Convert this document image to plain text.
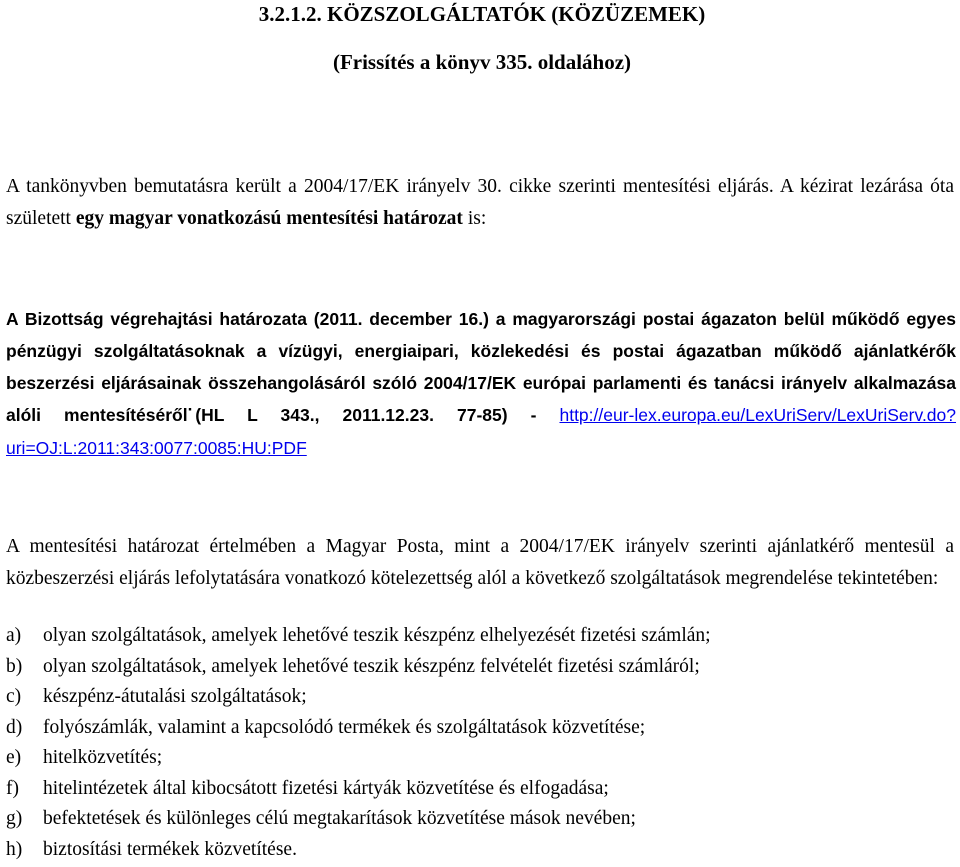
3.2.1.2. KÖZSZOLGÁLTATÓK (KÖZÜZEMEK)

(Frissítés a könyv 335. oldalához)

A tankönyvben bemutatásra került a 2004/17/EK irányelv 30. cikke szerinti mentesítési eljárás. A kézirat lezárása óta született egy magyar vonatkozású mentesítési határozat is:

A Bizottság végrehajtási határozata (2011. december 16.) a magyarországi postai ágazaton belül működő egyes pénzügyi szolgáltatásoknak a vízügyi, energiaipari, közlekedési és postai ágazatban működő ajánlatkérők beszerzési eljárásainak összehangolásáról szóló 2004/17/EK európai parlamenti és tanácsi irányelv alkalmazása alóli mentesítéséről· (HL L 343., 2011.12.23. 77-85) - http://eur-lex.europa.eu/LexUriServ/LexUriServ.do?uri=OJ:L:2011:343:0077:0085:HU:PDF

A mentesítési határozat értelmében a Magyar Posta, mint a 2004/17/EK irányelv szerinti ajánlatkérő mentesül a közbeszerzési eljárás lefolytatására vonatkozó kötelezettség alól a következő szolgáltatások megrendelése tekintetében:

a)	olyan szolgáltatások, amelyek lehetővé teszik készpénz elhelyezését fizetési számlán;
b)	olyan szolgáltatások, amelyek lehetővé teszik készpénz felvételét fizetési számláról;
c)	készpénz-átutalási szolgáltatások;
d)	folyószámlák, valamint a kapcsolódó termékek és szolgáltatások közvetítése;
e)	hitelközvetítés;
f)	hitelintézetek által kibocsátott fizetési kártyák közvetítése és elfogadása;
g)	befektetések és különleges célú megtakarítások közvetítése mások nevében;
h)	biztosítási termékek közvetítése.
